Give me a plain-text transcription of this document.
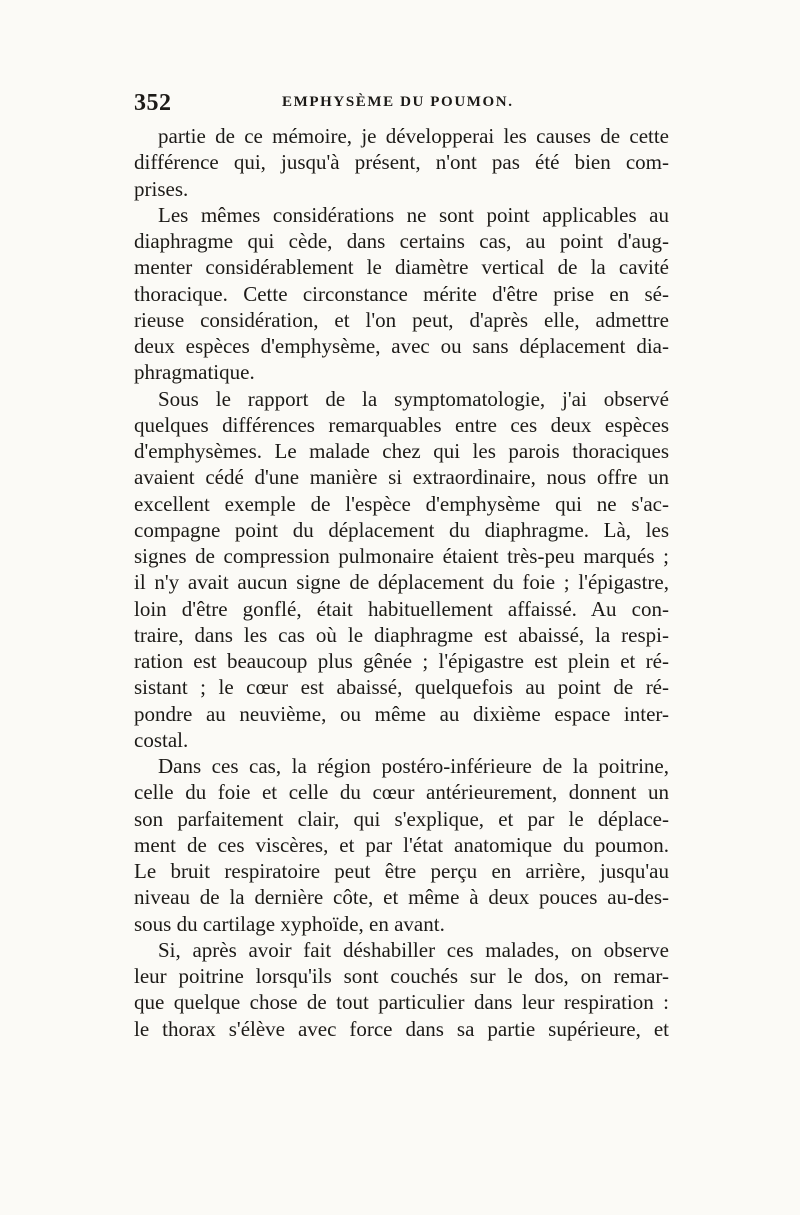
352	EMPHYSÈME DU POUMON.
partie de ce mémoire, je développerai les causes de cette
différence qui, jusqu'à présent, n'ont pas été bien com-
prises.
Les mêmes considérations ne sont point applicables au
diaphragme qui cède, dans certains cas, au point d'aug-
menter considérablement le diamètre vertical de la cavité
thoracique. Cette circonstance mérite d'être prise en sé-
rieuse considération, et l'on peut, d'après elle, admettre
deux espèces d'emphysème, avec ou sans déplacement dia-
phragmatique.
Sous le rapport de la symptomatologie, j'ai observé
quelques différences remarquables entre ces deux espèces
d'emphysèmes. Le malade chez qui les parois thoraciques
avaient cédé d'une manière si extraordinaire, nous offre un
excellent exemple de l'espèce d'emphysème qui ne s'ac-
compagne point du déplacement du diaphragme. Là, les
signes de compression pulmonaire étaient très-peu marqués ;
il n'y avait aucun signe de déplacement du foie ; l'épigastre,
loin d'être gonflé, était habituellement affaissé. Au con-
traire, dans les cas où le diaphragme est abaissé, la respi-
ration est beaucoup plus gênée ; l'épigastre est plein et ré-
sistant ; le cœur est abaissé, quelquefois au point de ré-
pondre au neuvième, ou même au dixième espace inter-
costal.
Dans ces cas, la région postéro-inférieure de la poitrine,
celle du foie et celle du cœur antérieurement, donnent un
son parfaitement clair, qui s'explique, et par le déplace-
ment de ces viscères, et par l'état anatomique du poumon.
Le bruit respiratoire peut être perçu en arrière, jusqu'au
niveau de la dernière côte, et même à deux pouces au-des-
sous du cartilage xyphoïde, en avant.
Si, après avoir fait déshabiller ces malades, on observe
leur poitrine lorsqu'ils sont couchés sur le dos, on remar-
que quelque chose de tout particulier dans leur respiration :
le thorax s'élève avec force dans sa partie supérieure, et
